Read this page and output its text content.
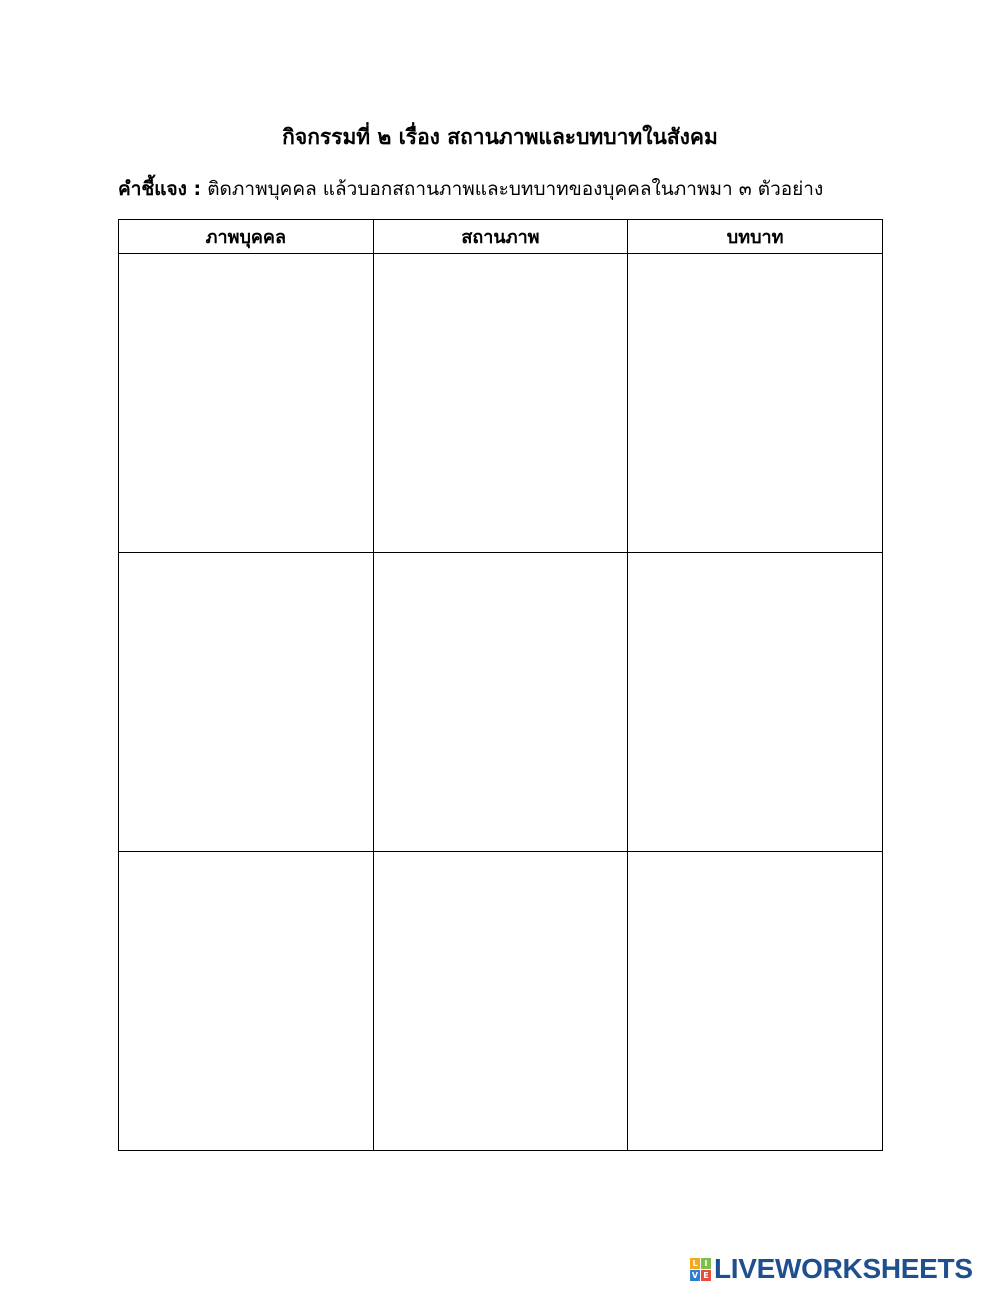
กิจกรรมที่ ๒ เรื่อง สถานภาพและบทบาทในสังคม

คำชี้แจง : ติดภาพบุคคล แล้วบอกสถานภาพและบทบาทของบุคคลในภาพมา ๓ ตัวอย่าง

ภาพบุคคล	สถานภาพ	บทบาท

L I
V E LIVEWORKSHEETS
